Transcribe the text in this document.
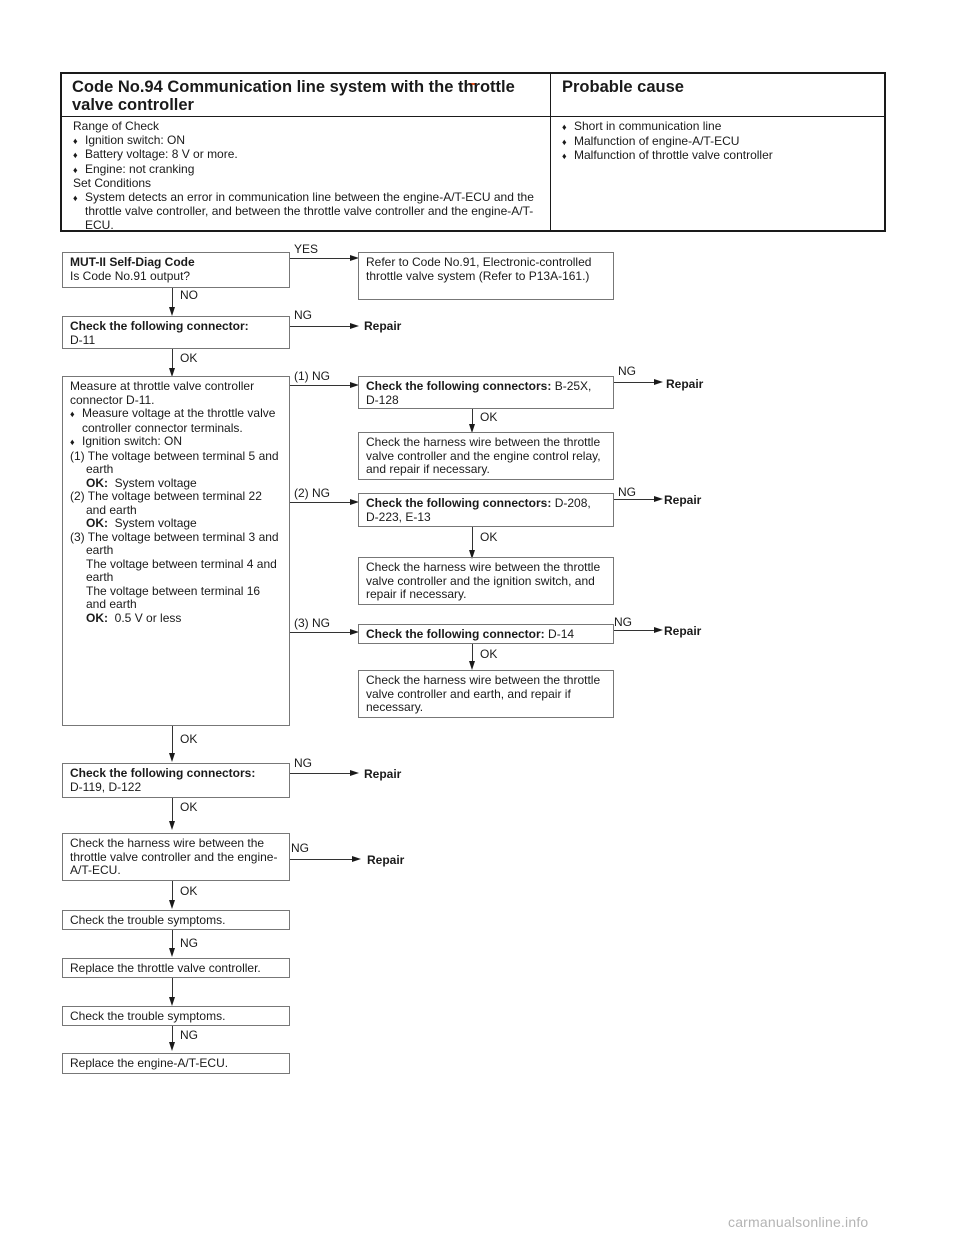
Code No.94 Communication line system with the throttle valve controller
Probable cause
Range of Check
♦ Ignition switch: ON
♦ Battery voltage: 8 V or more.
♦ Engine: not cranking
Set Conditions
♦ System detects an error in communication line between the engine-A/T-ECU and the throttle valve controller, and between the throttle valve controller and the engine-A/T-ECU.
♦ Short in communication line
♦ Malfunction of engine-A/T-ECU
♦ Malfunction of throttle valve controller
MUT-II Self-Diag Code
Is Code No.91 output?
YES
Refer to Code No.91, Electronic-controlled throttle valve system (Refer to P13A-161.)
NO
Check the following connector:
D-11
NG
Repair
OK
Measure at throttle valve controller connector D-11.
♦ Measure voltage at the throttle valve controller connector terminals.
♦ Ignition switch: ON
(1) The voltage between terminal 5 and earth
OK: System voltage
(2) The voltage between terminal 22 and earth
OK: System voltage
(3) The voltage between terminal 3 and earth
The voltage between terminal 4 and earth
The voltage between terminal 16 and earth
OK: 0.5 V or less
(1) NG
Check the following connectors: B-25X, D-128
NG
Repair
OK
Check the harness wire between the throttle valve controller and the engine control relay, and repair if necessary.
(2) NG
Check the following connectors: D-208, D-223, E-13
NG
Repair
OK
Check the harness wire between the throttle valve controller and the ignition switch, and repair if necessary.
(3) NG
Check the following connector: D-14
NG
Repair
OK
Check the harness wire between the throttle valve controller and earth, and repair if necessary.
OK
Check the following connectors:
D-119, D-122
NG
Repair
OK
Check the harness wire between the throttle valve controller and the engine-A/T-ECU.
NG
Repair
OK
Check the trouble symptoms.
NG
Replace the throttle valve controller.
Check the trouble symptoms.
NG
Replace the engine-A/T-ECU.
carmanualsonline.info
